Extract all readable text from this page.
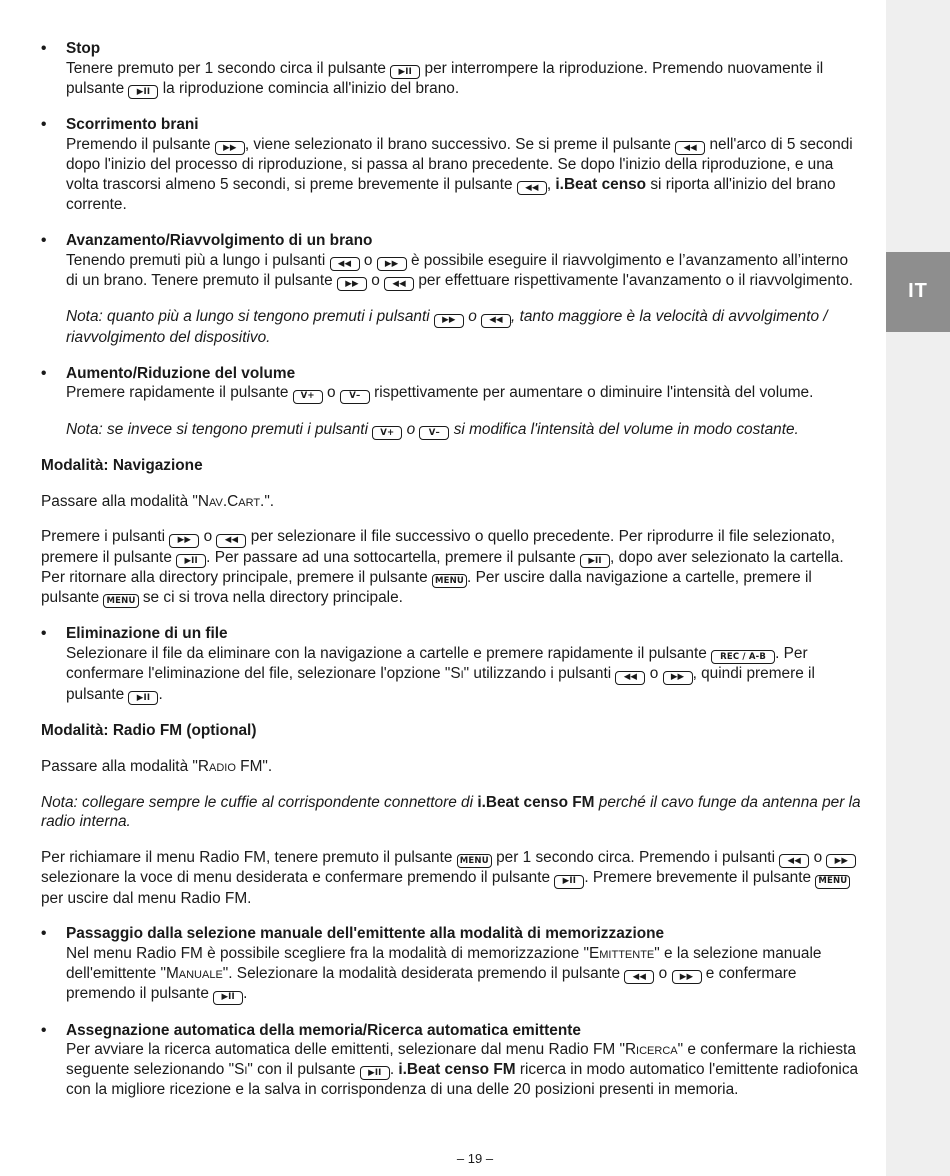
IT
• Stop
Tenere premuto per 1 secondo circa il pulsante ▶II per interrompere la riproduzione. Premendo nuovamente il pulsante ▶II la riproduzione comincia all'inizio del brano.
• Scorrimento brani
Premendo il pulsante ▶▶ , viene selezionato il brano successivo. Se si preme il pulsante ◀◀ nell'arco di 5 secondi dopo l'inizio del processo di riproduzione, si passa al brano precedente. Se dopo l'inizio della riproduzione, e una volta trascorsi almeno 5 secondi, si preme brevemente il pulsante ◀◀ , i.Beat censo si riporta all'inizio del brano corrente.
• Avanzamento/Riavvolgimento di un brano
Tenendo premuti più a lungo i pulsanti ◀◀ o ▶▶ è possibile eseguire il riavvolgimento e l’avanzamento all’interno di un brano. Tenere premuto il pulsante ▶▶ o ◀◀ per effettuare rispettivamente l'avanzamento o il riavvolgimento.
Nota: quanto più a lungo si tengono premuti i pulsanti ▶▶ o ◀◀ , tanto maggiore è la velocità di avvolgimento / riavvolgimento del dispositivo.
• Aumento/Riduzione del volume
Premere rapidamente il pulsante V+ o V– rispettivamente per aumentare o diminuire l'intensità del volume.
Nota: se invece si tengono premuti i pulsanti V+ o V– si modifica l'intensità del volume in modo costante.
Modalità: Navigazione
Passare alla modalità "Nav.Cart.".
Premere i pulsanti ▶▶ o ◀◀ per selezionare il file successivo o quello precedente. Per riprodurre il file selezionato, premere il pulsante ▶II . Per passare ad una sottocartella, premere il pulsante ▶II , dopo aver selezionato la cartella. Per ritornare alla directory principale, premere il pulsante MENU . Per uscire dalla navigazione a cartelle, premere il pulsante MENU se ci si trova nella directory principale.
• Eliminazione di un file
Selezionare il file da eliminare con la navigazione a cartelle e premere rapidamente il pulsante REC / A-B . Per confermare l'eliminazione del file, selezionare l'opzione "Si" utilizzando i pulsanti ◀◀ o ▶▶ , quindi premere il pulsante ▶II .
Modalità: Radio FM (optional)
Passare alla modalità "Radio FM".
Nota: collegare sempre le cuffie al corrispondente connettore di i.Beat censo FM perché il cavo funge da antenna per la radio interna.
Per richiamare il menu Radio FM, tenere premuto il pulsante MENU per 1 secondo circa. Premendo i pulsanti ◀◀ o ▶▶ selezionare la voce di menu desiderata e confermare premendo il pulsante ▶II . Premere brevemente il pulsante MENU per uscire dal menu Radio FM.
• Passaggio dalla selezione manuale dell'emittente alla modalità di memorizzazione
Nel menu Radio FM è possibile scegliere fra la modalità di memorizzazione "Emittente" e la selezione manuale dell'emittente "Manuale". Selezionare la modalità desiderata premendo il pulsante ◀◀ o ▶▶ e confermare premendo il pulsante ▶II .
• Assegnazione automatica della memoria/Ricerca automatica emittente
Per avviare la ricerca automatica delle emittenti, selezionare dal menu Radio FM "Ricerca" e confermare la richiesta seguente selezionando "Si" con il pulsante ▶II . i.Beat censo FM ricerca in modo automatico l'emittente radiofonica con la migliore ricezione e la salva in corrispondenza di una delle 20 posizioni presenti in memoria.
– 19 –
